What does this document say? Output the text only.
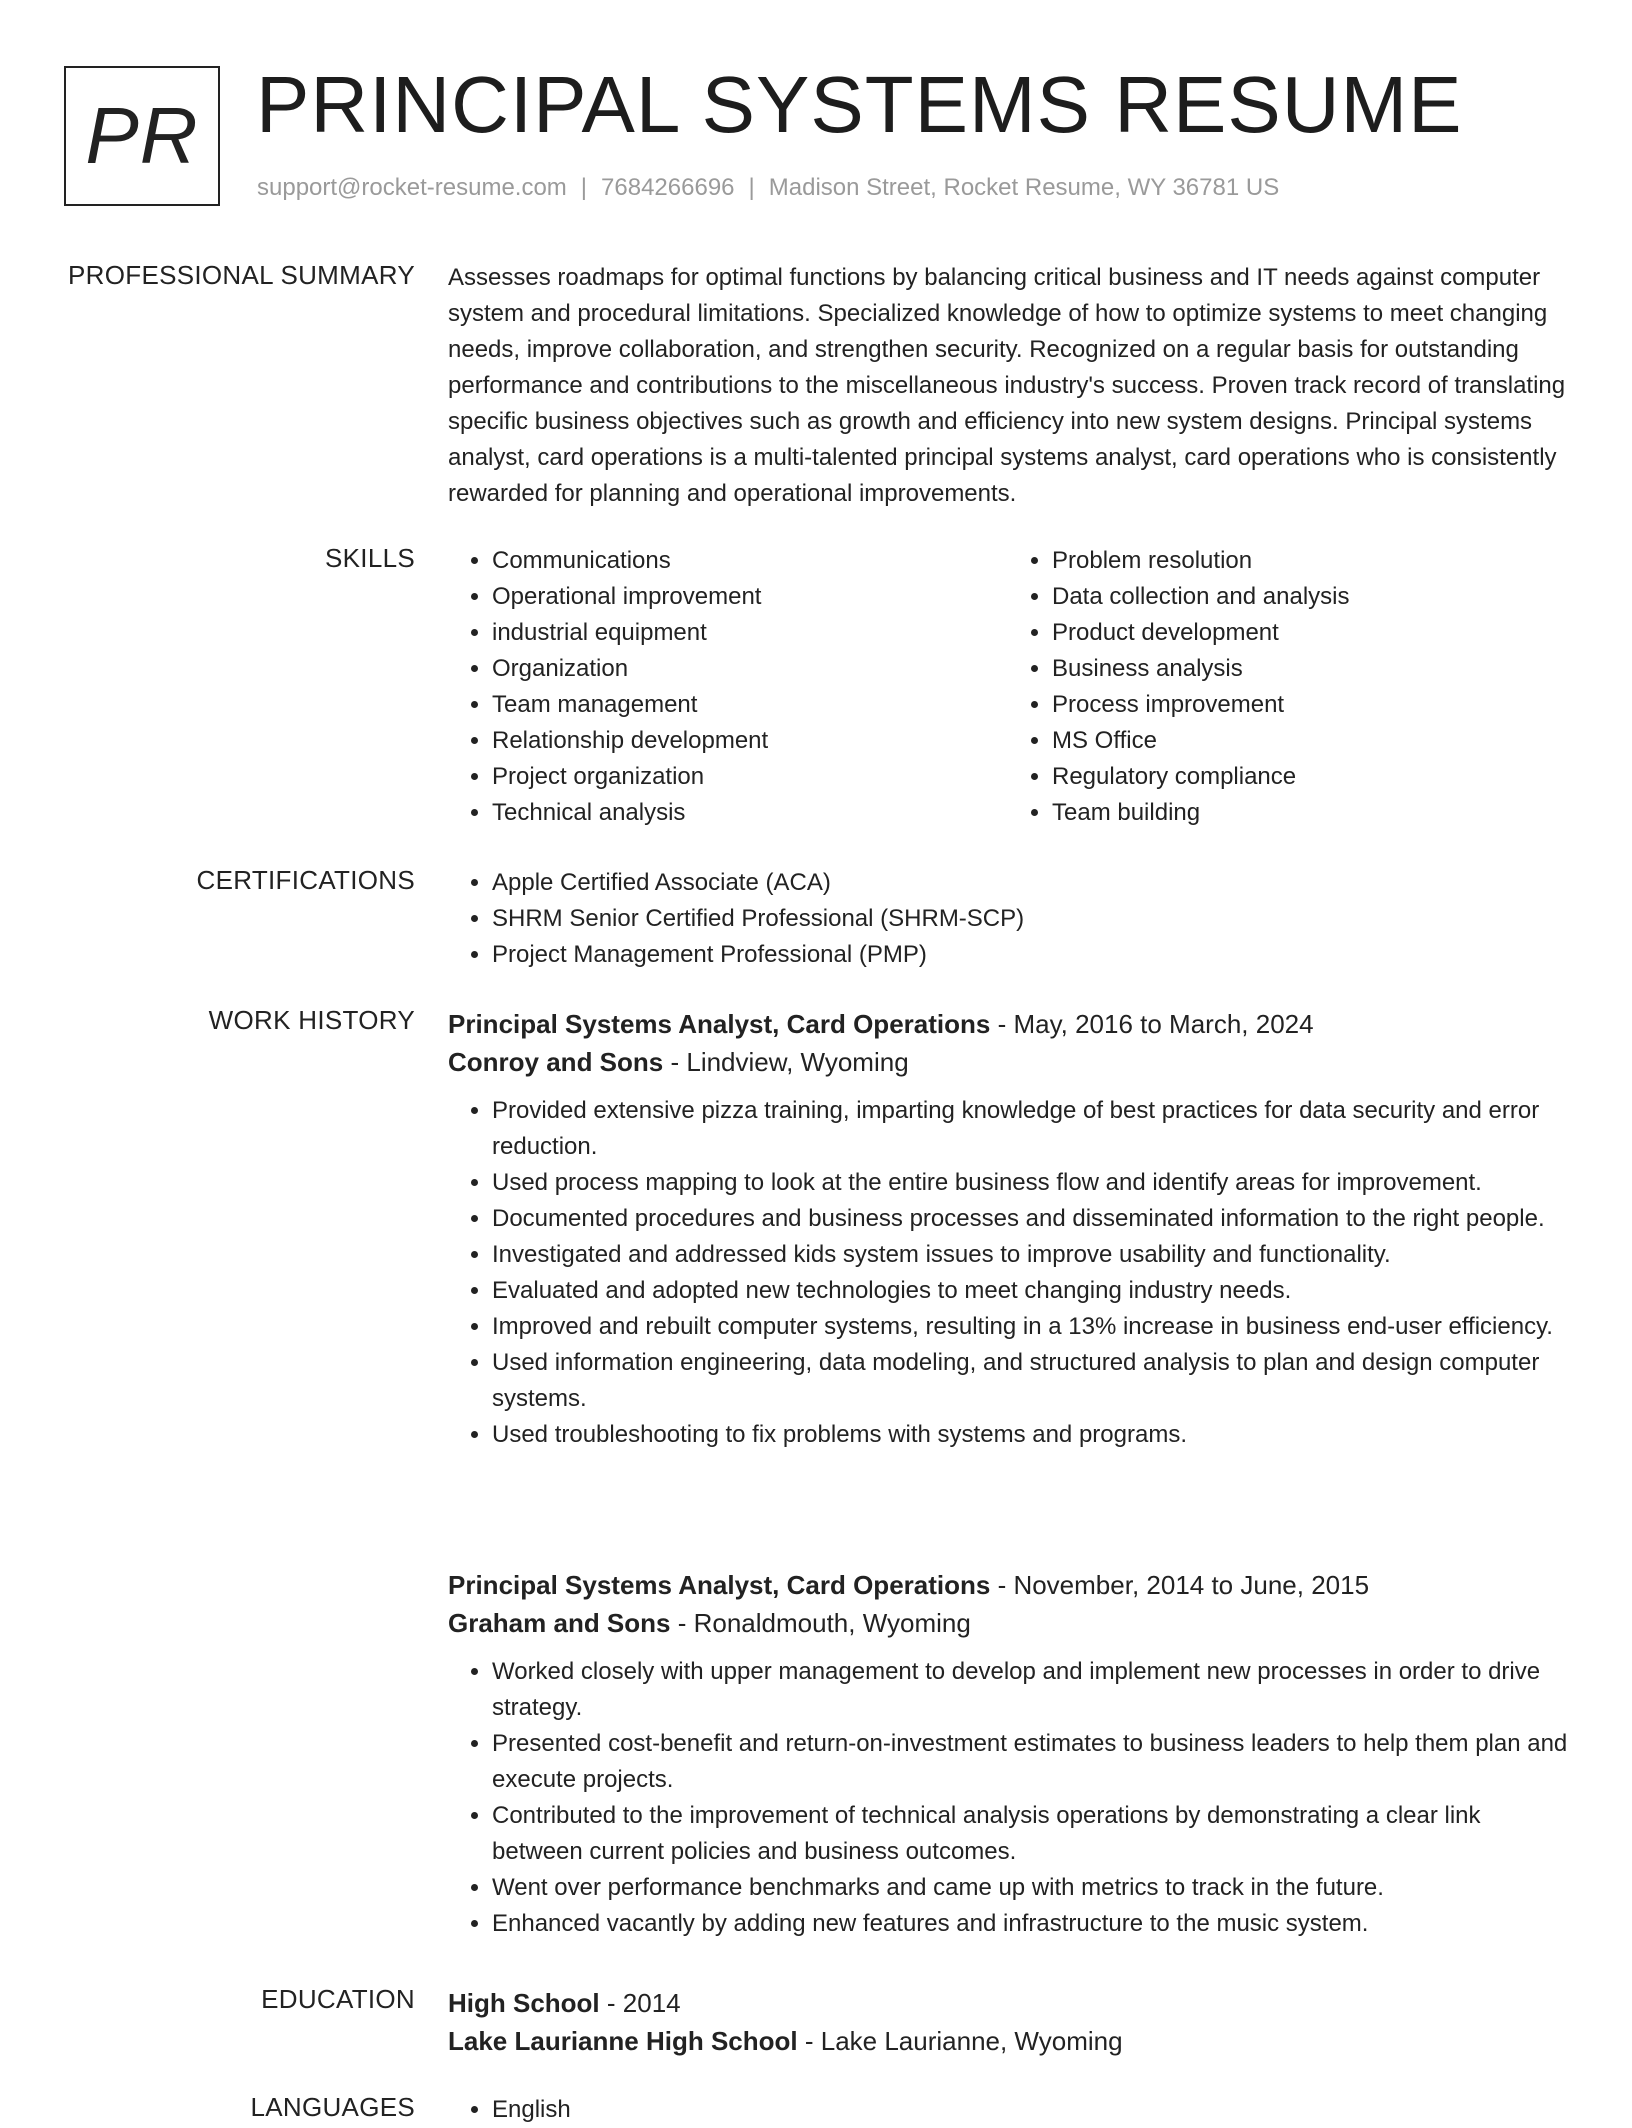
PR PRINCIPAL SYSTEMS RESUME
support@rocket-resume.com | 7684266696 | Madison Street, Rocket Resume, WY 36781 US
PROFESSIONAL SUMMARY Assesses roadmaps for optimal functions by balancing critical business and IT needs against computer system and procedural limitations. Specialized knowledge of how to optimize systems to meet changing needs, improve collaboration, and strengthen security. Recognized on a regular basis for outstanding performance and contributions to the miscellaneous industry's success. Proven track record of translating specific business objectives such as growth and efficiency into new system designs. Principal systems analyst, card operations is a multi-talented principal systems analyst, card operations who is consistently rewarded for planning and operational improvements.

SKILLS	• Communications
• Operational improvement
• industrial equipment
• Organization
• Team management
• Relationship development
• Project organization
• Technical analysis
• Problem resolution
• Data collection and analysis
• Product development
• Business analysis
• Process improvement
• MS Office
• Regulatory compliance
• Team building
CERTIFICATIONS	• Apple Certified Associate (ACA)
• SHRM Senior Certified Professional (SHRM-SCP)
• Project Management Professional (PMP)
WORK HISTORY Principal Systems Analyst, Card Operations - May, 2016 to March, 2024
Conroy and Sons - Lindview, Wyoming
• Provided extensive pizza training, imparting knowledge of best practices for data security and error reduction.
• Used process mapping to look at the entire business flow and identify areas for improvement.
• Documented procedures and business processes and disseminated information to the right people.
• Investigated and addressed kids system issues to improve usability and functionality.
• Evaluated and adopted new technologies to meet changing industry needs.
• Improved and rebuilt computer systems, resulting in a 13% increase in business end-user efficiency.
• Used information engineering, data modeling, and structured analysis to plan and design computer systems.
• Used troubleshooting to fix problems with systems and programs.
Principal Systems Analyst, Card Operations - November, 2014 to June, 2015
Graham and Sons - Ronaldmouth, Wyoming
• Worked closely with upper management to develop and implement new processes in order to drive strategy.
• Presented cost-benefit and return-on-investment estimates to business leaders to help them plan and execute projects.
• Contributed to the improvement of technical analysis operations by demonstrating a clear link between current policies and business outcomes.
• Went over performance benchmarks and came up with metrics to track in the future.
• Enhanced vacantly by adding new features and infrastructure to the music system.
EDUCATION High School - 2014
Lake Laurianne High School - Lake Laurianne, Wyoming
LANGUAGES	• English
